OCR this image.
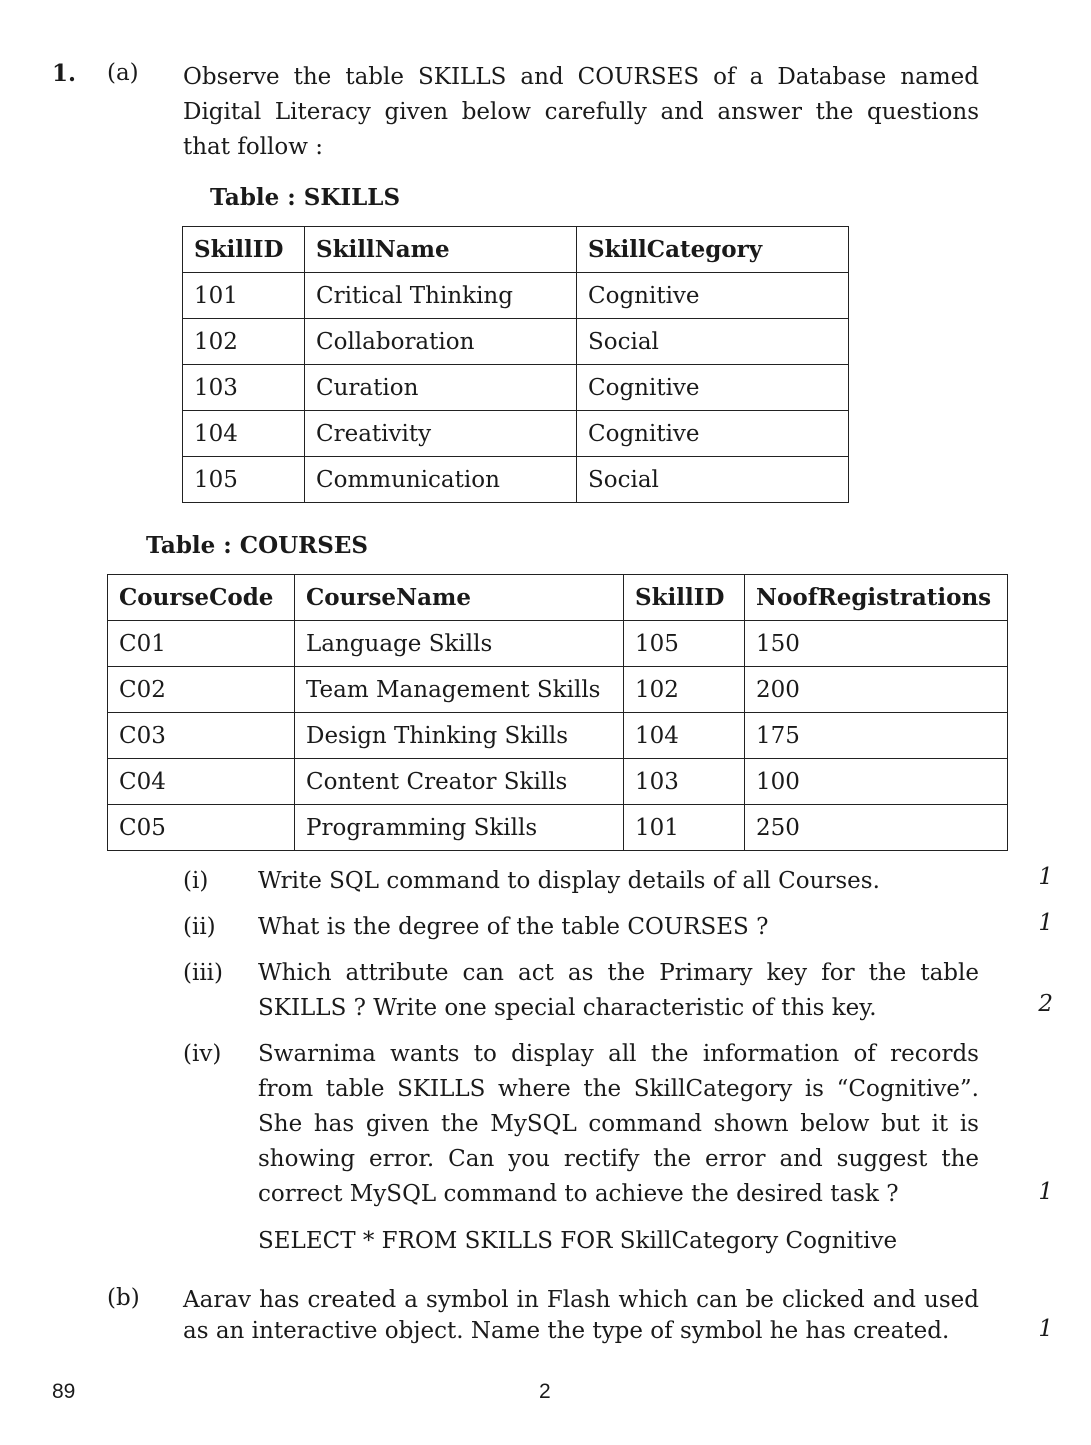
1. (a) Observe the table SKILLS and COURSES of a Database named Digital Literacy given below carefully and answer the questions that follow :
Table : SKILLS
SkillID	SkillName	SkillCategory
101	Critical Thinking	Cognitive
102	Collaboration	Social
103	Curation	Cognitive
104	Creativity	Cognitive
105	Communication	Social
Table : COURSES
CourseCode	CourseName	SkillID	NoofRegistrations
C01	Language Skills	105	150
C02	Team Management Skills	102	200
C03	Design Thinking Skills	104	175
C04	Content Creator Skills	103	100
C05	Programming Skills	101	250
(i) Write SQL command to display details of all Courses.	1
(ii) What is the degree of the table COURSES ?	1
(iii) Which attribute can act as the Primary key for the table SKILLS ? Write one special characteristic of this key.	2
(iv) Swarnima wants to display all the information of records from table SKILLS where the SkillCategory is “Cognitive”. She has given the MySQL command shown below but it is showing error. Can you rectify the error and suggest the correct MySQL command to achieve the desired task ?	1
SELECT * FROM SKILLS FOR SkillCategory Cognitive
(b) Aarav has created a symbol in Flash which can be clicked and used as an interactive object. Name the type of symbol he has created.	1
89	2
